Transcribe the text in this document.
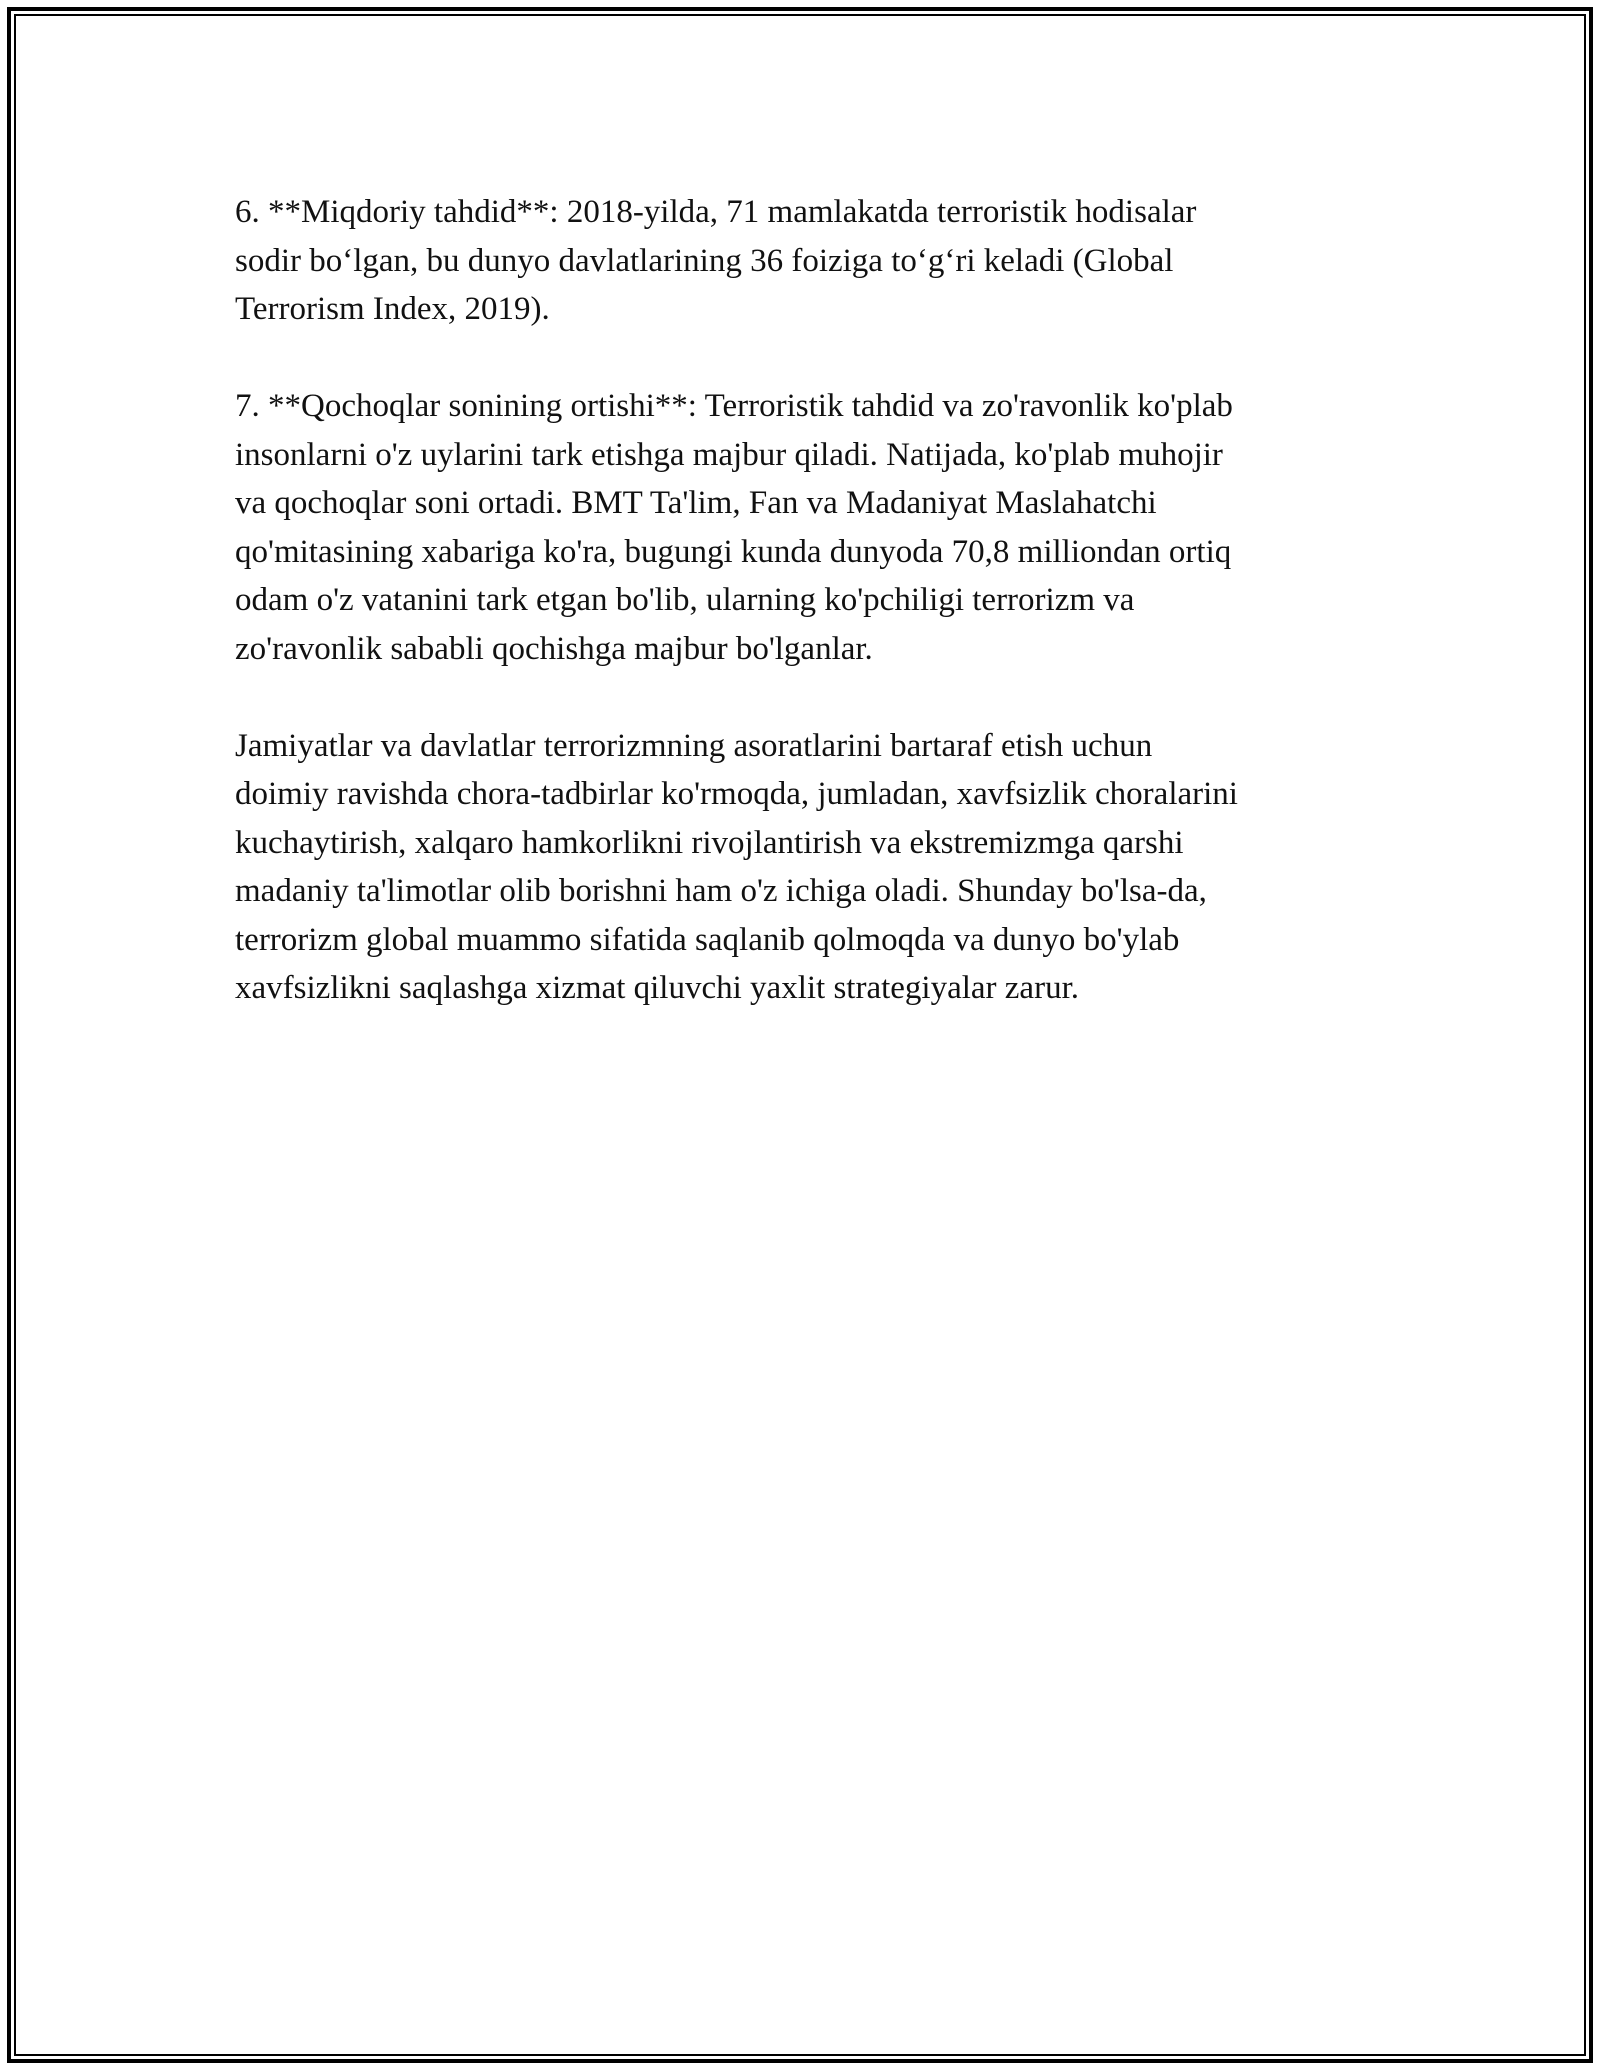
6. **Miqdoriy tahdid**: 2018-yilda, 71 mamlakatda terroristik hodisalar
sodir boʻlgan, bu dunyo davlatlarining 36 foiziga toʻgʻri keladi (Global
Terrorism Index, 2019).

7. **Qochoqlar sonining ortishi**: Terroristik tahdid va zo'ravonlik ko'plab
insonlarni o'z uylarini tark etishga majbur qiladi. Natijada, ko'plab muhojir
va qochoqlar soni ortadi. BMT Ta'lim, Fan va Madaniyat Maslahatchi
qo'mitasining xabariga ko'ra, bugungi kunda dunyoda 70,8 milliondan ortiq
odam o'z vatanini tark etgan bo'lib, ularning ko'pchiligi terrorizm va
zo'ravonlik sababli qochishga majbur bo'lganlar.

Jamiyatlar va davlatlar terrorizmning asoratlarini bartaraf etish uchun
doimiy ravishda chora-tadbirlar ko'rmoqda, jumladan, xavfsizlik choralarini
kuchaytirish, xalqaro hamkorlikni rivojlantirish va ekstremizmga qarshi
madaniy ta'limotlar olib borishni ham o'z ichiga oladi. Shunday bo'lsa-da,
terrorizm global muammo sifatida saqlanib qolmoqda va dunyo bo'ylab
xavfsizlikni saqlashga xizmat qiluvchi yaxlit strategiyalar zarur.
